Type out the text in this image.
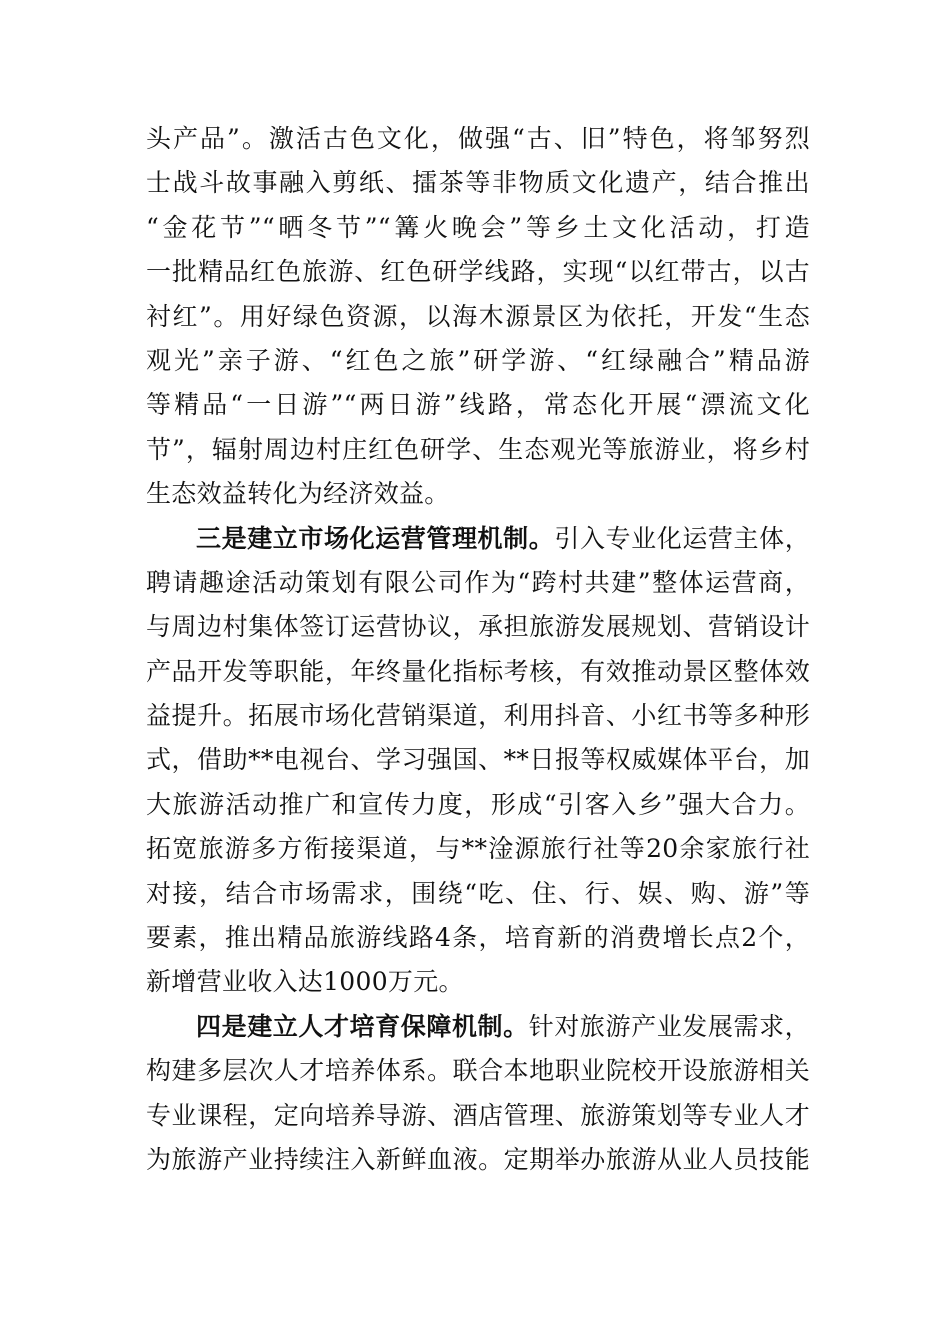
头产品”。激活古色文化，做强“古、旧”特色，将邹努烈
士战斗故事融入剪纸、擂茶等非物质文化遗产，结合推出
“金花节”“晒冬节”“篝火晚会”等乡土文化活动，打造
一批精品红色旅游、红色研学线路，实现“以红带古，以古
衬红”。用好绿色资源，以海木源景区为依托，开发“生态
观光”亲子游、“红色之旅”研学游、“红绿融合”精品游
等精品“一日游”“两日游”线路，常态化开展“漂流文化
节”，辐射周边村庄红色研学、生态观光等旅游业，将乡村
生态效益转化为经济效益。
三是建立市场化运营管理机制。引入专业化运营主体，
聘请趣途活动策划有限公司作为“跨村共建”整体运营商，
与周边村集体签订运营协议，承担旅游发展规划、营销设计
产品开发等职能，年终量化指标考核，有效推动景区整体效
益提升。拓展市场化营销渠道，利用抖音、小红书等多种形
式，借助**电视台、学习强国、**日报等权威媒体平台，加
大旅游活动推广和宣传力度，形成“引客入乡”强大合力。
拓宽旅游多方衔接渠道，与**淦源旅行社等20余家旅行社
对接，结合市场需求，围绕“吃、住、行、娱、购、游”等
要素，推出精品旅游线路4条，培育新的消费增长点2个，
新增营业收入达1000万元。
四是建立人才培育保障机制。针对旅游产业发展需求，
构建多层次人才培养体系。联合本地职业院校开设旅游相关
专业课程，定向培养导游、酒店管理、旅游策划等专业人才
为旅游产业持续注入新鲜血液。定期举办旅游从业人员技能
